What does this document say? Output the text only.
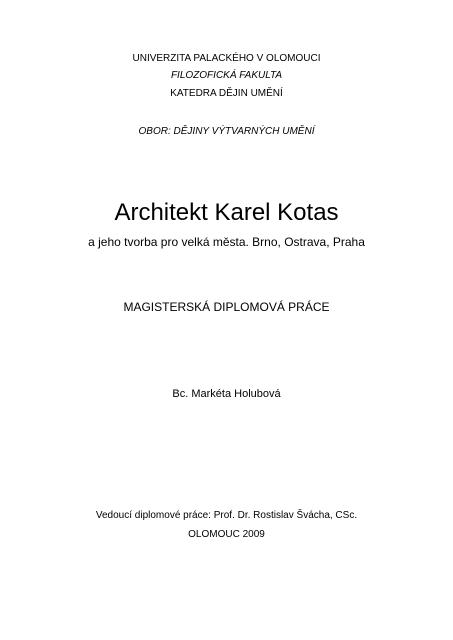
UNIVERZITA PALACKÉHO V OLOMOUCI
FILOZOFICKÁ FAKULTA
KATEDRA DĚJIN UMĚNÍ
OBOR: DĚJINY VÝTVARNÝCH UMĚNÍ
Architekt Karel Kotas
a jeho tvorba pro velká města. Brno, Ostrava, Praha
MAGISTERSKÁ DIPLOMOVÁ PRÁCE
Bc. Markéta Holubová
Vedoucí diplomové práce: Prof. Dr. Rostislav Švácha, CSc.
OLOMOUC 2009
